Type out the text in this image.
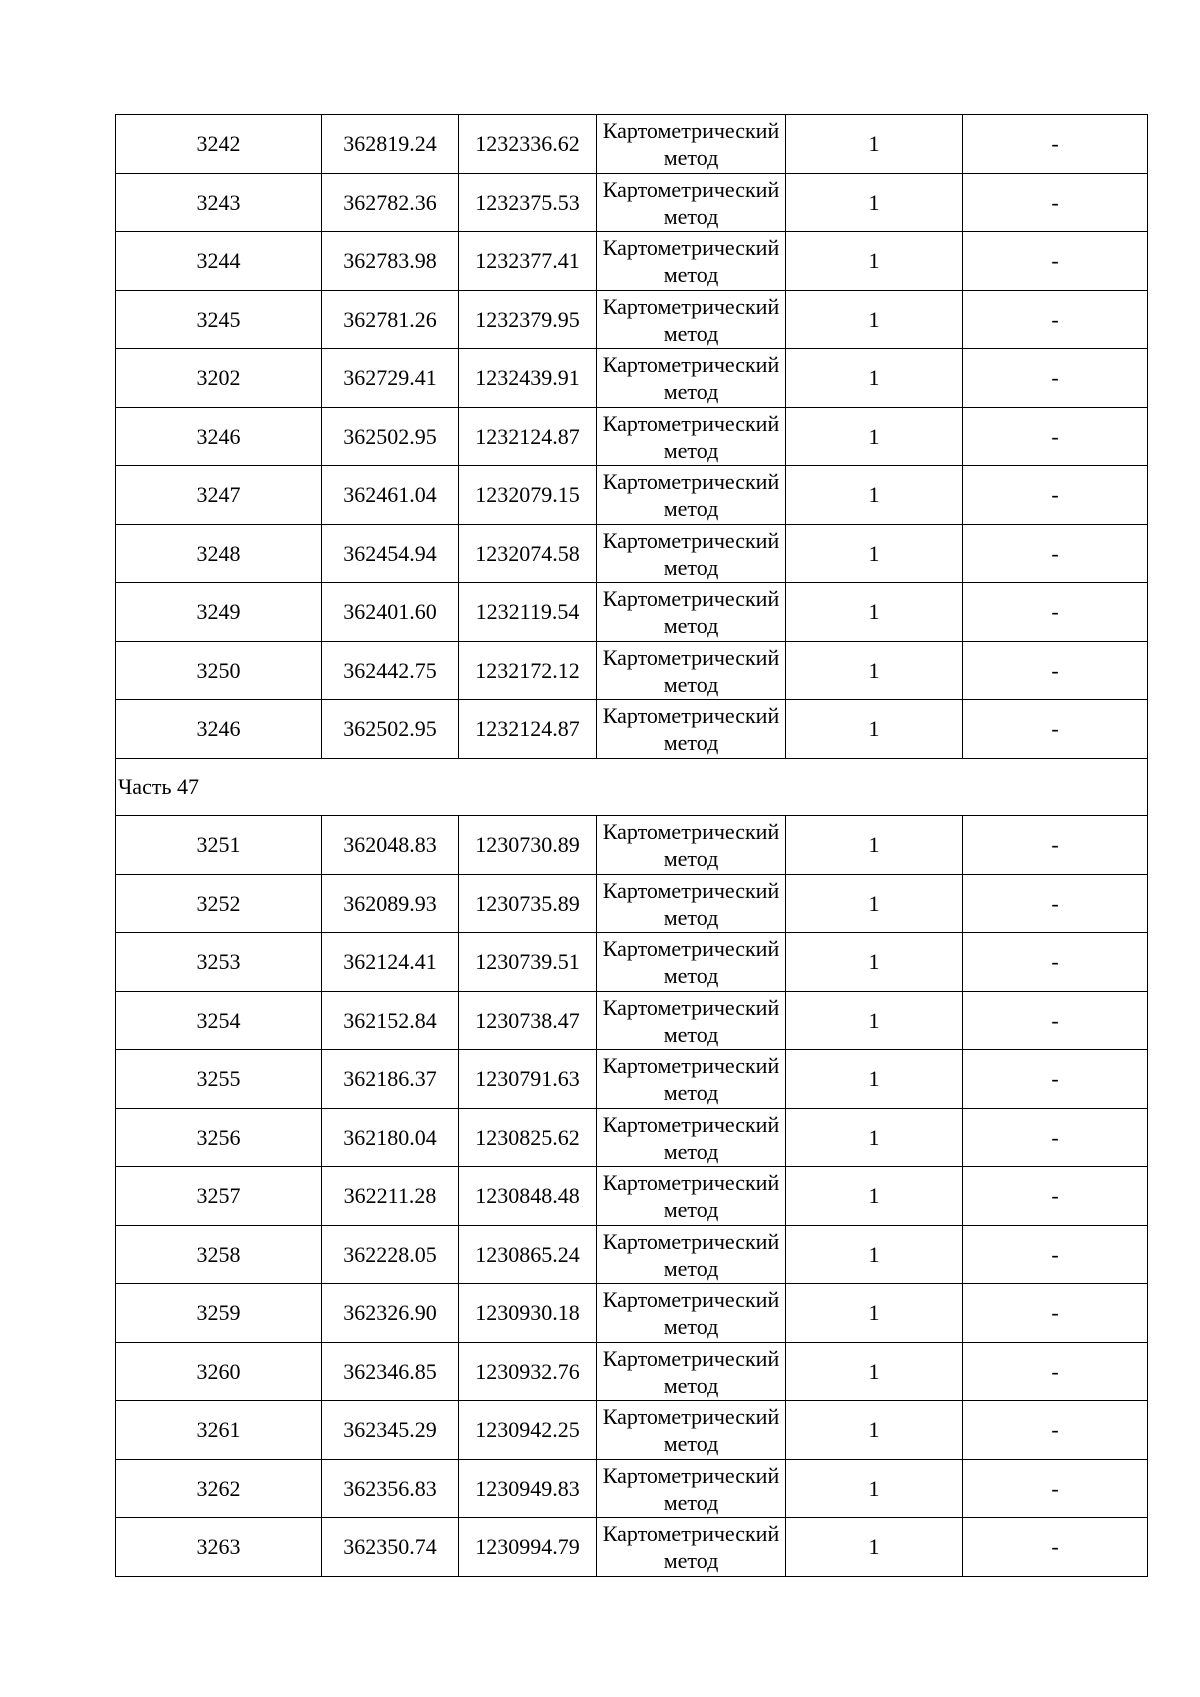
3242	362819.24	1232336.62	Картометрический метод	1	-
3243	362782.36	1232375.53	Картометрический метод	1	-
3244	362783.98	1232377.41	Картометрический метод	1	-
3245	362781.26	1232379.95	Картометрический метод	1	-
3202	362729.41	1232439.91	Картометрический метод	1	-
3246	362502.95	1232124.87	Картометрический метод	1	-
3247	362461.04	1232079.15	Картометрический метод	1	-
3248	362454.94	1232074.58	Картометрический метод	1	-
3249	362401.60	1232119.54	Картометрический метод	1	-
3250	362442.75	1232172.12	Картометрический метод	1	-
3246	362502.95	1232124.87	Картометрический метод	1	-
Часть 47					
3251	362048.83	1230730.89	Картометрический метод	1	-
3252	362089.93	1230735.89	Картометрический метод	1	-
3253	362124.41	1230739.51	Картометрический метод	1	-
3254	362152.84	1230738.47	Картометрический метод	1	-
3255	362186.37	1230791.63	Картометрический метод	1	-
3256	362180.04	1230825.62	Картометрический метод	1	-
3257	362211.28	1230848.48	Картометрический метод	1	-
3258	362228.05	1230865.24	Картометрический метод	1	-
3259	362326.90	1230930.18	Картометрический метод	1	-
3260	362346.85	1230932.76	Картометрический метод	1	-
3261	362345.29	1230942.25	Картометрический метод	1	-
3262	362356.83	1230949.83	Картометрический метод	1	-
3263	362350.74	1230994.79	Картометрический метод	1	-
